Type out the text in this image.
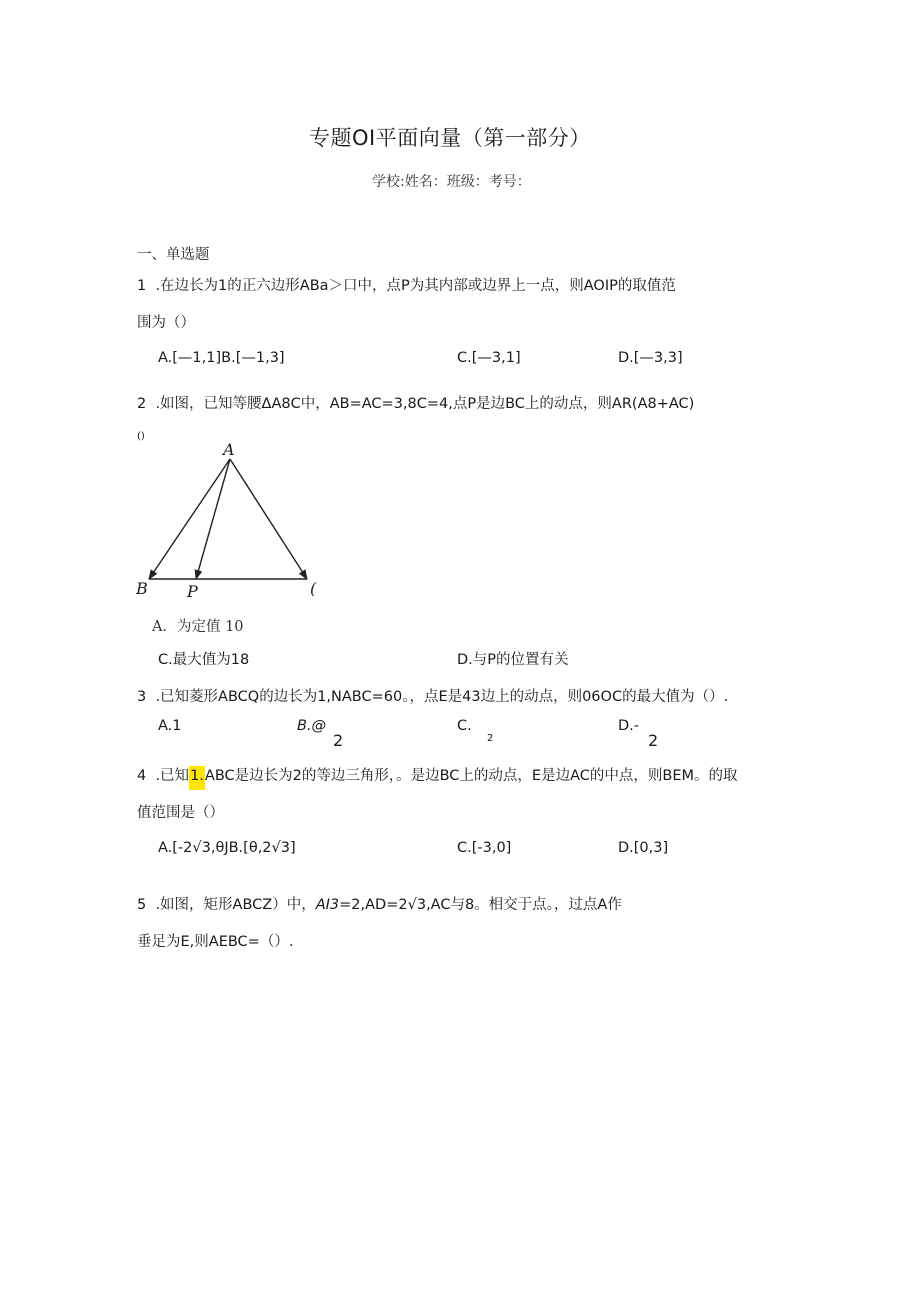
专题OI平面向量（第一部分）
学校:姓名：班级：考号：
一、单选题
1  .在边长为1的正六边形ABa＞口中，点P为其内部或边界上一点，则AOIP的取值范
围为（）
A.[—1,1]B.[—1,3]	C.[—3,1]	D.[—3,3]
2  .如图，已知等腰ΔA8C中，AB=AC=3,8C=4,点P是边BC上的动点，则AR(A8+AC)
()
A
B P	(
A．为定值 10
C.最大值为18	D.与P的位置有关
3  .已知菱形ABCQ的边长为1,NABC=60。，点E是43边上的动点，则06OC的最大值为（）.
A.1	B.@
2
C.
2
D.-
2
4  .已知1.ABC是边长为2的等边三角形，。是边BC上的动点，E是边AC的中点，则BEM。的取
值范围是（）
A.[-2√3,θJB.[θ,2√3]	C.[-3,0]	D.[0,3]
5  .如图，矩形ABCZ）中，AI3=2,AD=2√3,AC与8。相交于点。，过点A作
垂足为E,则AEBC=（）.
